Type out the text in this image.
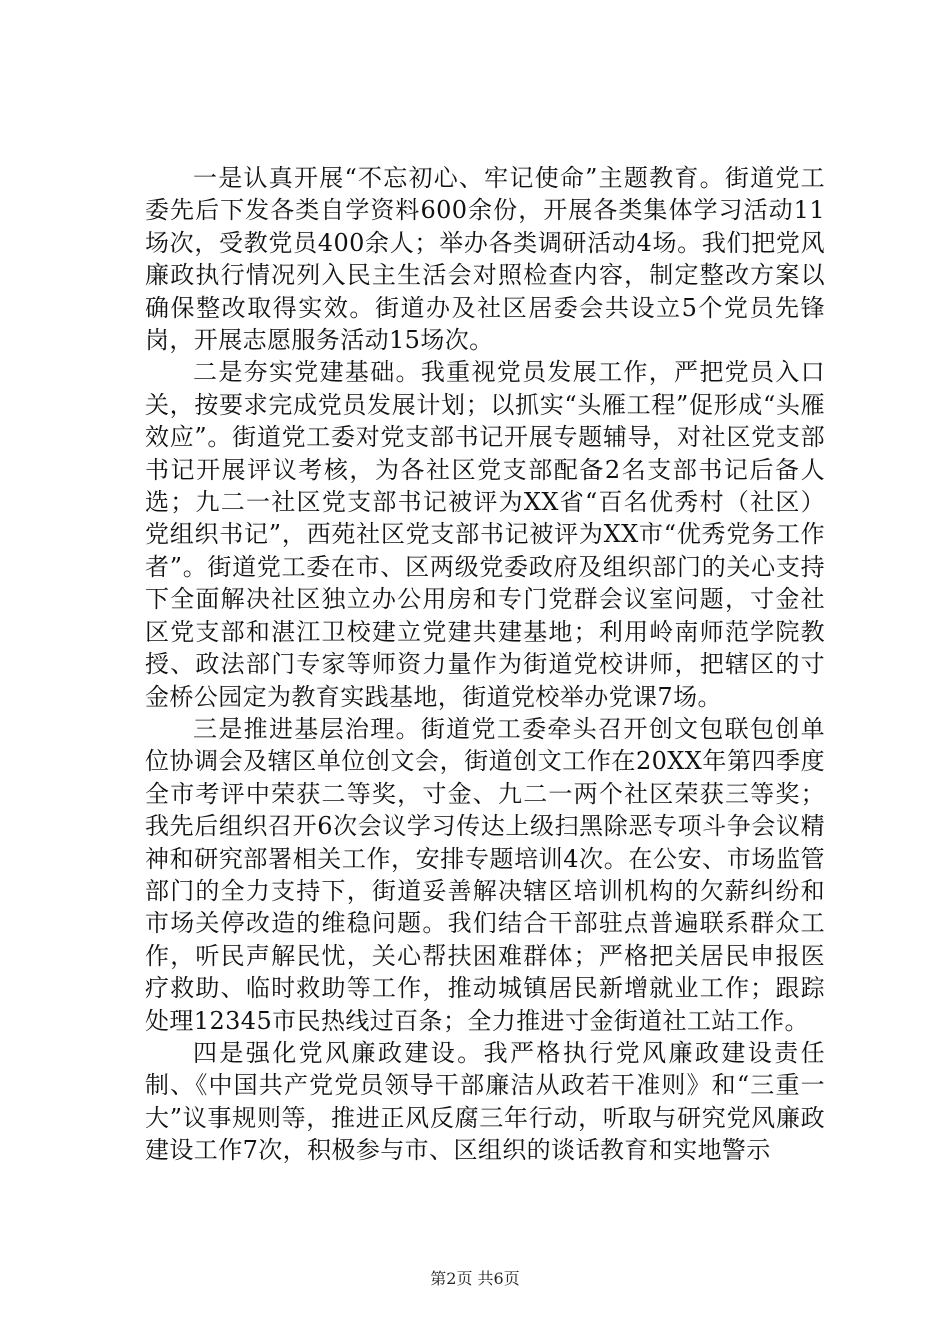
一是认真开展“不忘初心、牢记使命”主题教育。街道党工委先后下发各类自学资料600余份，开展各类集体学习活动11场次，受教党员400余人；举办各类调研活动4场。我们把党风廉政执行情况列入民主生活会对照检查内容，制定整改方案以确保整改取得实效。街道办及社区居委会共设立5个党员先锋岗，开展志愿服务活动15场次。

二是夯实党建基础。我重视党员发展工作，严把党员入口关，按要求完成党员发展计划；以抓实“头雁工程”促形成“头雁效应”。街道党工委对党支部书记开展专题辅导，对社区党支部书记开展评议考核，为各社区党支部配备2名支部书记后备人选；九二一社区党支部书记被评为XX省“百名优秀村（社区）党组织书记”，西苑社区党支部书记被评为XX市“优秀党务工作者”。街道党工委在市、区两级党委政府及组织部门的关心支持下全面解决社区独立办公用房和专门党群会议室问题，寸金社区党支部和湛江卫校建立党建共建基地；利用岭南师范学院教授、政法部门专家等师资力量作为街道党校讲师，把辖区的寸金桥公园定为教育实践基地，街道党校举办党课7场。

三是推进基层治理。街道党工委牵头召开创文包联包创单位协调会及辖区单位创文会，街道创文工作在20XX年第四季度全市考评中荣获二等奖，寸金、九二一两个社区荣获三等奖；我先后组织召开6次会议学习传达上级扫黑除恶专项斗争会议精神和研究部署相关工作，安排专题培训4次。在公安、市场监管部门的全力支持下，街道妥善解决辖区培训机构的欠薪纠纷和市场关停改造的维稳问题。我们结合干部驻点普遍联系群众工作，听民声解民忧，关心帮扶困难群体；严格把关居民申报医疗救助、临时救助等工作，推动城镇居民新增就业工作；跟踪处理12345市民热线过百条；全力推进寸金街道社工站工作。

四是强化党风廉政建设。我严格执行党风廉政建设责任制、《中国共产党党员领导干部廉洁从政若干准则》和“三重一大”议事规则等，推进正风反腐三年行动，听取与研究党风廉政建设工作7次，积极参与市、区组织的谈话教育和实地警示

第2页 共6页
